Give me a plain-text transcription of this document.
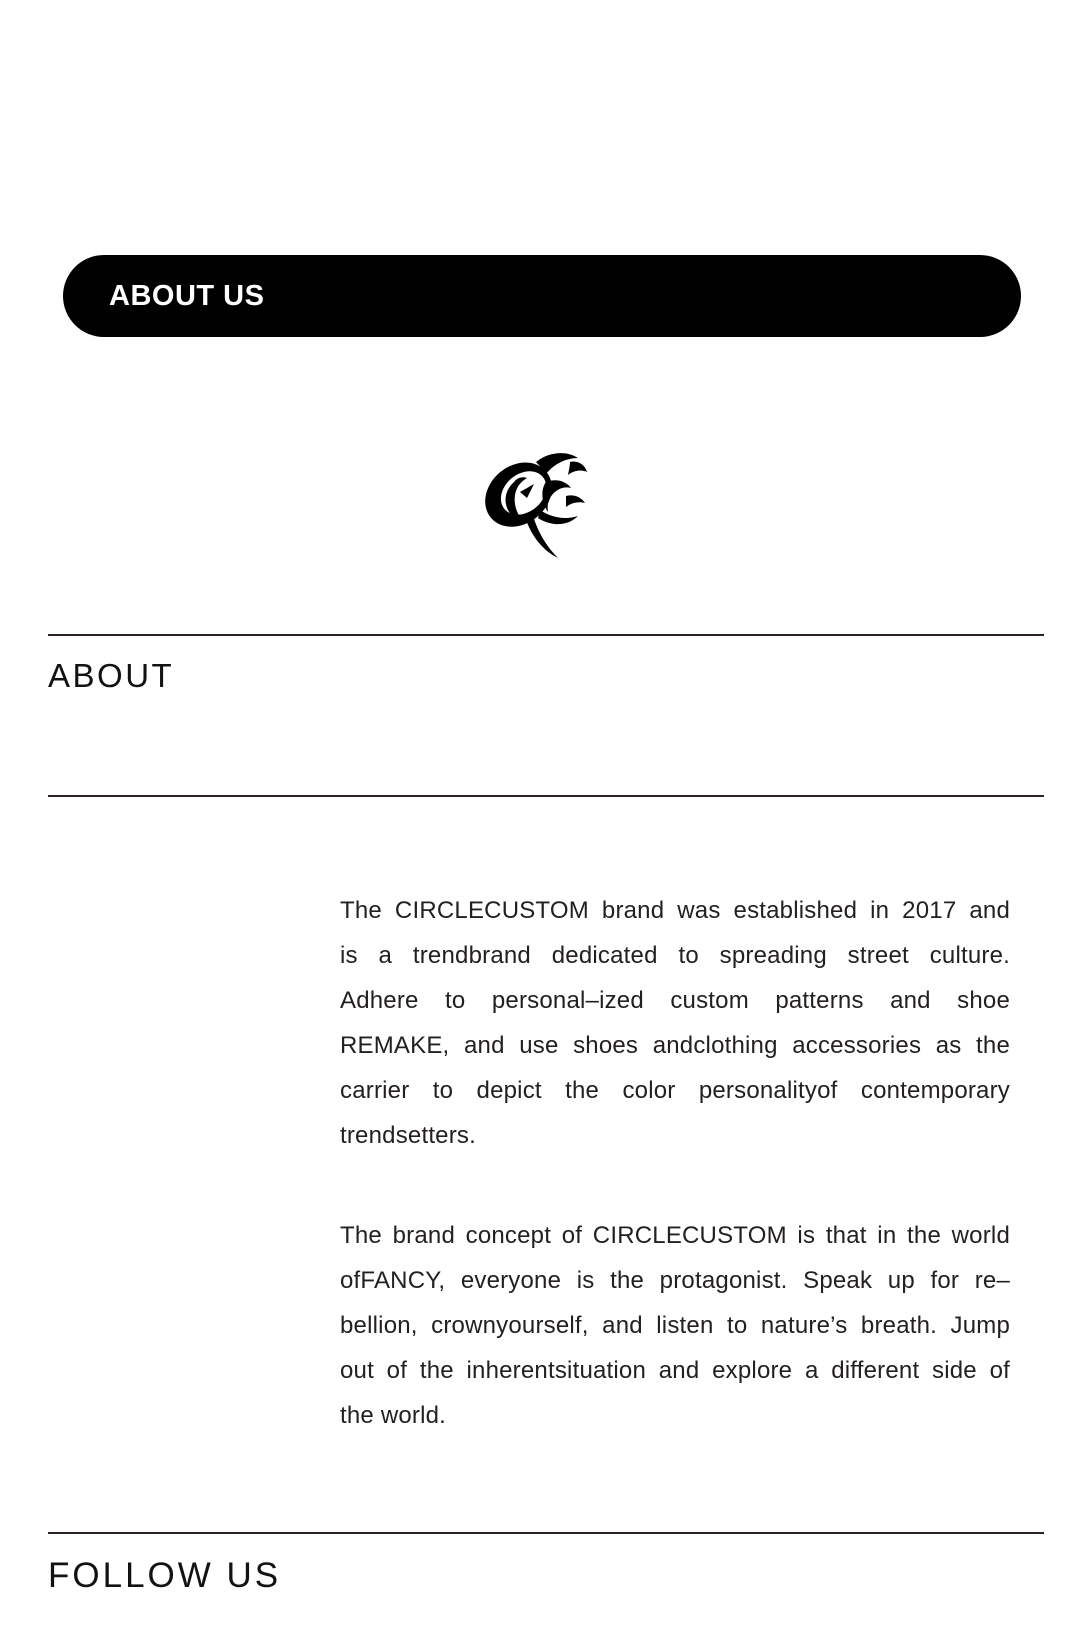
ABOUT US
ABOUT
The CIRCLECUSTOM brand was established in 2017 and
is a trendbrand dedicated to spreading street culture.
Adhere to personal–ized custom patterns and shoe
REMAKE, and use shoes andclothing accessories as the
carrier to depict the color personalityof contemporary
trendsetters.
The brand concept of CIRCLECUSTOM is that in the world
ofFANCY, everyone is the protagonist. Speak up for re–
bellion, crownyourself, and listen to nature’s breath. Jump
out of the inherentsituation and explore a different side of
the world.
FOLLOW US
